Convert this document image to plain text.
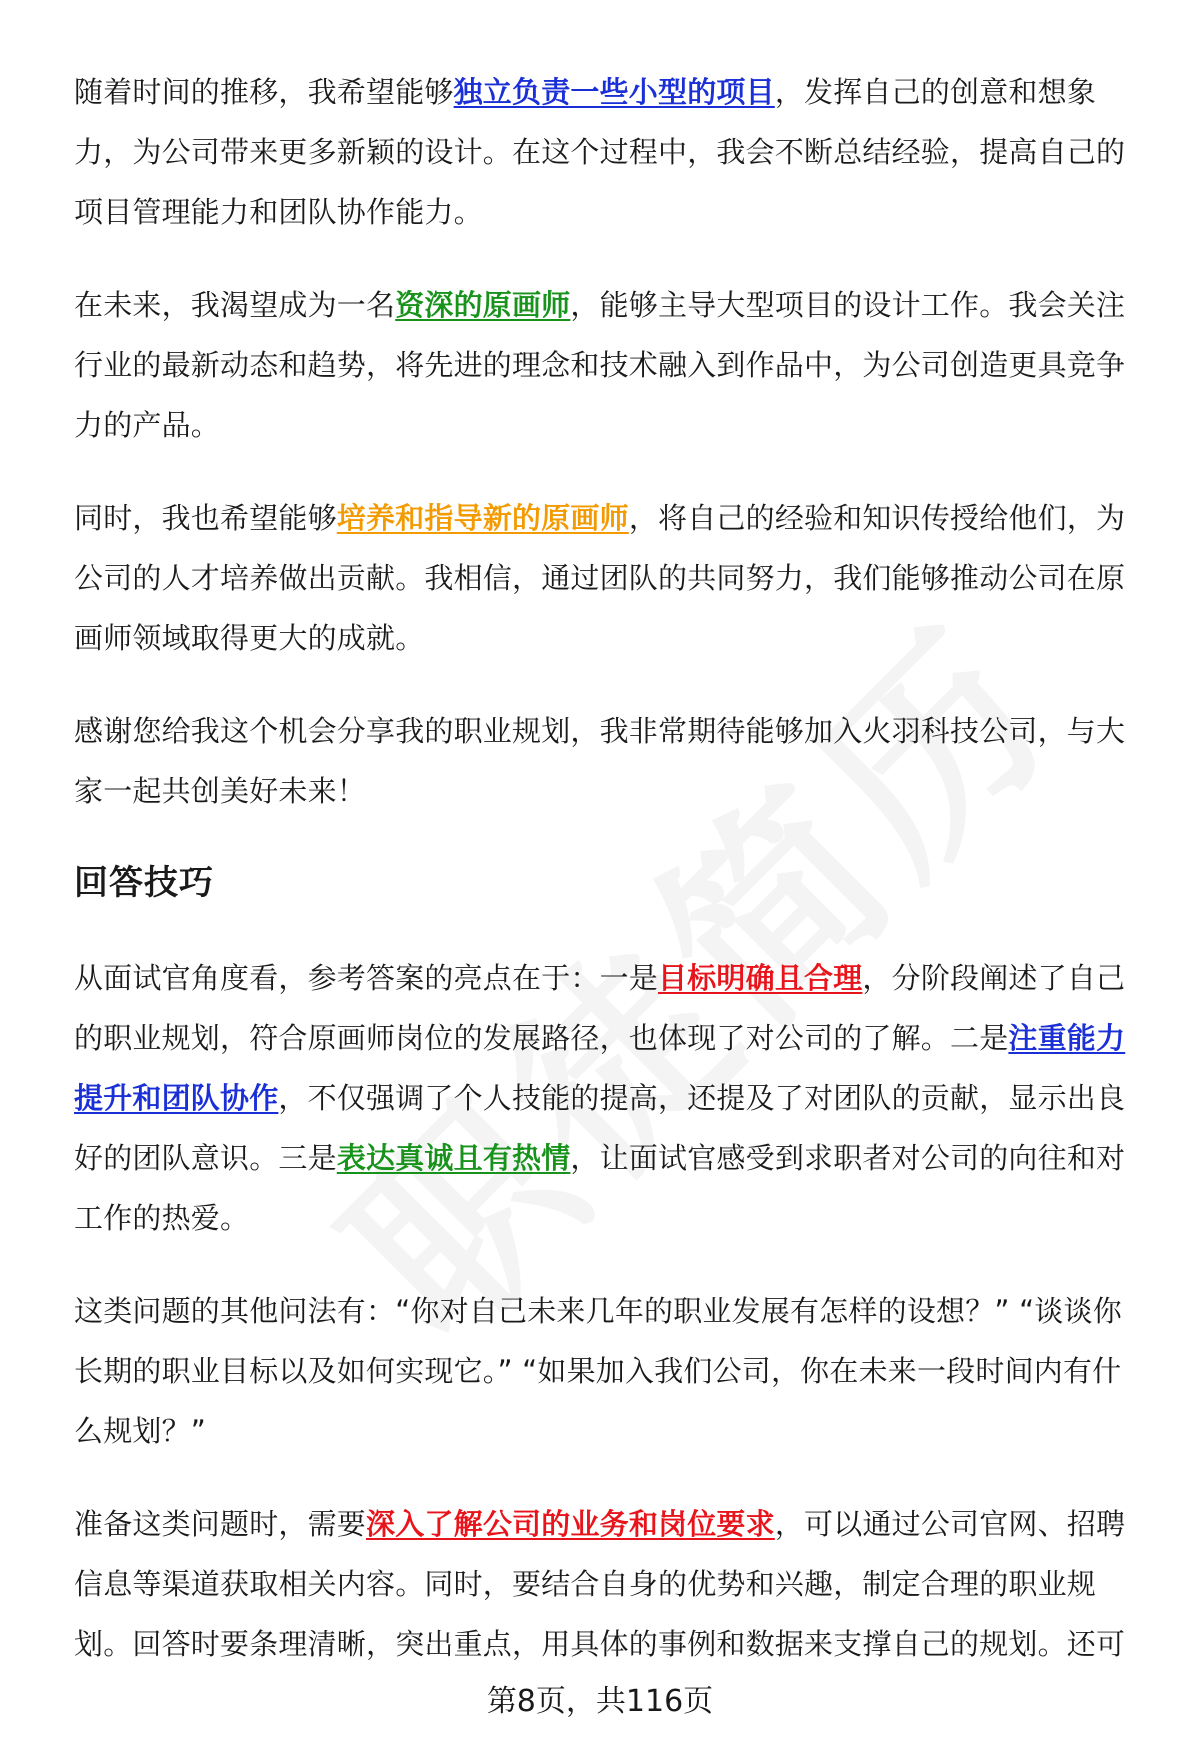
随着时间的推移，我希望能够独立负责一些小型的项目，发挥自己的创意和想象力，为公司带来更多新颖的设计。在这个过程中，我会不断总结经验，提高自己的项目管理能力和团队协作能力。

在未来，我渴望成为一名资深的原画师，能够主导大型项目的设计工作。我会关注行业的最新动态和趋势，将先进的理念和技术融入到作品中，为公司创造更具竞争力的产品。

同时，我也希望能够培养和指导新的原画师，将自己的经验和知识传授给他们，为公司的人才培养做出贡献。我相信，通过团队的共同努力，我们能够推动公司在原画师领域取得更大的成就。

感谢您给我这个机会分享我的职业规划，我非常期待能够加入火羽科技公司，与大家一起共创美好未来！

回答技巧

从面试官角度看，参考答案的亮点在于：一是目标明确且合理，分阶段阐述了自己的职业规划，符合原画师岗位的发展路径，也体现了对公司的了解。二是注重能力提升和团队协作，不仅强调了个人技能的提高，还提及了对团队的贡献，显示出良好的团队意识。三是表达真诚且有热情，让面试官感受到求职者对公司的向往和对工作的热爱。

这类问题的其他问法有：“你对自己未来几年的职业发展有怎样的设想？” “谈谈你长期的职业目标以及如何实现它。” “如果加入我们公司，你在未来一段时间内有什么规划？”

准备这类问题时，需要深入了解公司的业务和岗位要求，可以通过公司官网、招聘信息等渠道获取相关内容。同时，要结合自身的优势和兴趣，制定合理的职业规划。回答时要条理清晰，突出重点，用具体的事例和数据来支撑自己的规划。还可

第8页，共116页
